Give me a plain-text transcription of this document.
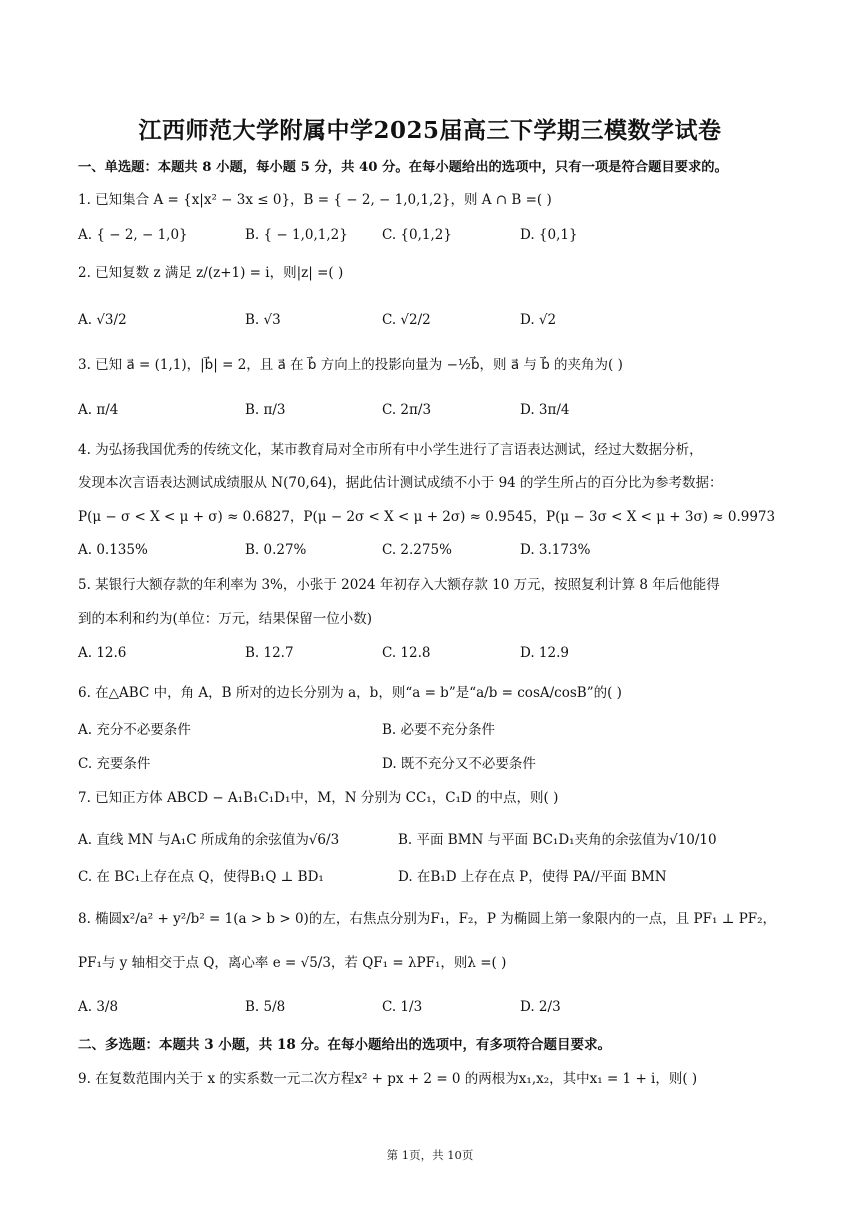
江西师范大学附属中学2025届高三下学期三模数学试卷
一、单选题：本题共 8 小题，每小题 5 分，共 40 分。在每小题给出的选项中，只有一项是符合题目要求的。
1. 已知集合 A = {x|x² − 3x ≤ 0}，B = { − 2, − 1,0,1,2}，则 A ∩ B =( )
A. { − 2, − 1,0}	B. { − 1,0,1,2}	C. {0,1,2}	D. {0,1}
2. 已知复数 z 满足 z/(z+1) = i，则|z| =( )
A. √3/2	B. √3	C. √2/2	D. √2
3. 已知 a⃗ = (1,1)，|b⃗| = 2，且 a⃗ 在 b⃗ 方向上的投影向量为 −½b⃗，则 a⃗ 与 b⃗ 的夹角为( )
A. π/4	B. π/3	C. 2π/3	D. 3π/4
4. 为弘扬我国优秀的传统文化，某市教育局对全市所有中小学生进行了言语表达测试，经过大数据分析，
发现本次言语表达测试成绩服从 N(70,64)，据此估计测试成绩不小于 94 的学生所占的百分比为参考数据：
P(μ − σ < X < μ + σ) ≈ 0.6827，P(μ − 2σ < X < μ + 2σ) ≈ 0.9545，P(μ − 3σ < X < μ + 3σ) ≈ 0.9973
A. 0.135%	B. 0.27%	C. 2.275%	D. 3.173%
5. 某银行大额存款的年利率为 3%，小张于 2024 年初存入大额存款 10 万元，按照复利计算 8 年后他能得
到的本利和约为(单位：万元，结果保留一位小数)
A. 12.6	B. 12.7	C. 12.8	D. 12.9
6. 在△ABC 中，角 A，B 所对的边长分别为 a，b，则“a = b”是“a/b = cosA/cosB”的( )
A. 充分不必要条件	B. 必要不充分条件
C. 充要条件	D. 既不充分又不必要条件
7. 已知正方体 ABCD − A₁B₁C₁D₁中，M，N 分别为 CC₁，C₁D 的中点，则( )
A. 直线 MN 与A₁C 所成角的余弦值为√6/3	B. 平面 BMN 与平面 BC₁D₁夹角的余弦值为√10/10
C. 在 BC₁上存在点 Q，使得B₁Q ⊥ BD₁	D. 在B₁D 上存在点 P，使得 PA//平面 BMN
8. 椭圆x²/a² + y²/b² = 1(a > b > 0)的左，右焦点分别为F₁，F₂，P 为椭圆上第一象限内的一点，且 PF₁ ⊥ PF₂，
PF₁与 y 轴相交于点 Q，离心率 e = √5/3，若 QF₁ = λPF₁，则λ =( )
A. 3/8	B. 5/8	C. 1/3	D. 2/3
二、多选题：本题共 3 小题，共 18 分。在每小题给出的选项中，有多项符合题目要求。
9. 在复数范围内关于 x 的实系数一元二次方程x² + px + 2 = 0 的两根为x₁,x₂，其中x₁ = 1 + i，则( )
第 1页，共 10页
